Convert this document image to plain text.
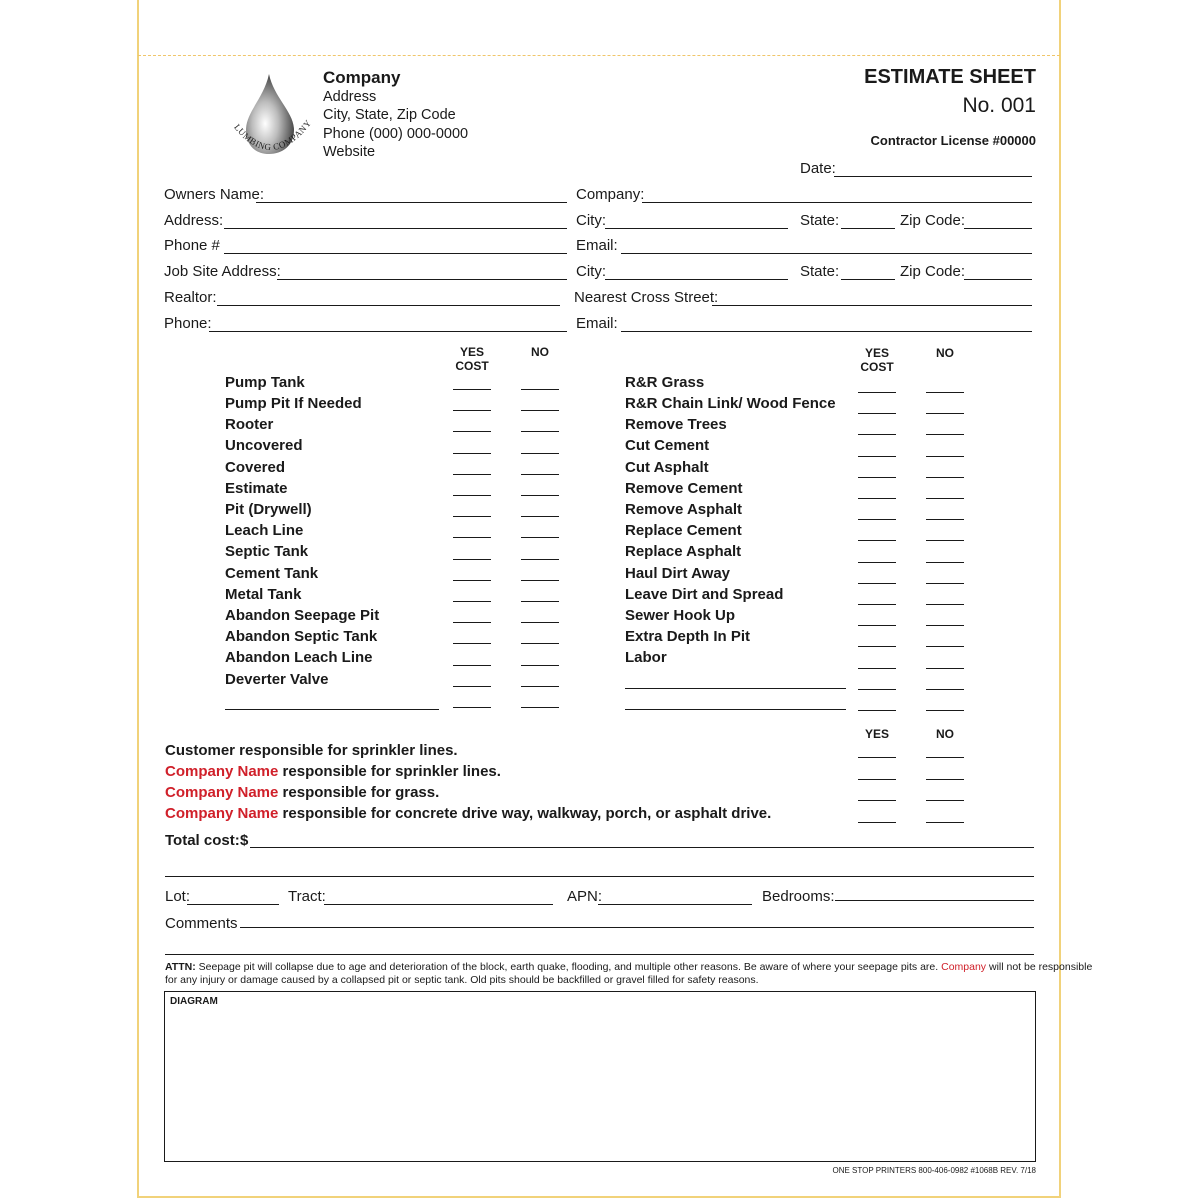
LUMBING COMPANY
Company
Address
City, State, Zip Code
Phone (000) 000-0000
Website
ESTIMATE SHEET
No. 001
Contractor License #00000
Date:
Owners Name:	Company:
Address:	City:	State:	Zip Code:
Phone #	Email:
Job Site Address:	City:	State:	Zip Code:
Realtor:	Nearest Cross Street:
Phone:	Email:
YES
COST
NO	YES
COST
NO
Pump Tank
Pump Pit If Needed
Rooter
Uncovered
Covered
Estimate
Pit (Drywell)
Leach Line
Septic Tank
Cement Tank
Metal Tank
Abandon Seepage Pit
Abandon Septic Tank
Abandon Leach Line
Deverter Valve
R&R Grass
R&R Chain Link/ Wood Fence
Remove Trees
Cut Cement
Cut Asphalt
Remove Cement
Remove Asphalt
Replace Cement
Replace Asphalt
Haul Dirt Away
Leave Dirt and Spread
Sewer Hook Up
Extra Depth In Pit
Labor
YES	NO
Customer responsible for sprinkler lines.
Company Name responsible for sprinkler lines.
Company Name responsible for grass.
Company Name responsible for concrete drive way, walkway, porch, or asphalt drive.
Total cost: $
Lot:	Tract:	APN:	Bedrooms:
Comments
ATTN: Seepage pit will collapse due to age and deterioration of the block, earth quake, flooding, and multiple other reasons. Be aware of where your seepage pits are. Company will not be responsible
for any injury or damage caused by a collapsed pit or septic tank. Old pits should be backfilled or gravel filled for safety reasons.
DIAGRAM
ONE STOP PRINTERS 800-406-0982 #1068B REV. 7/18
